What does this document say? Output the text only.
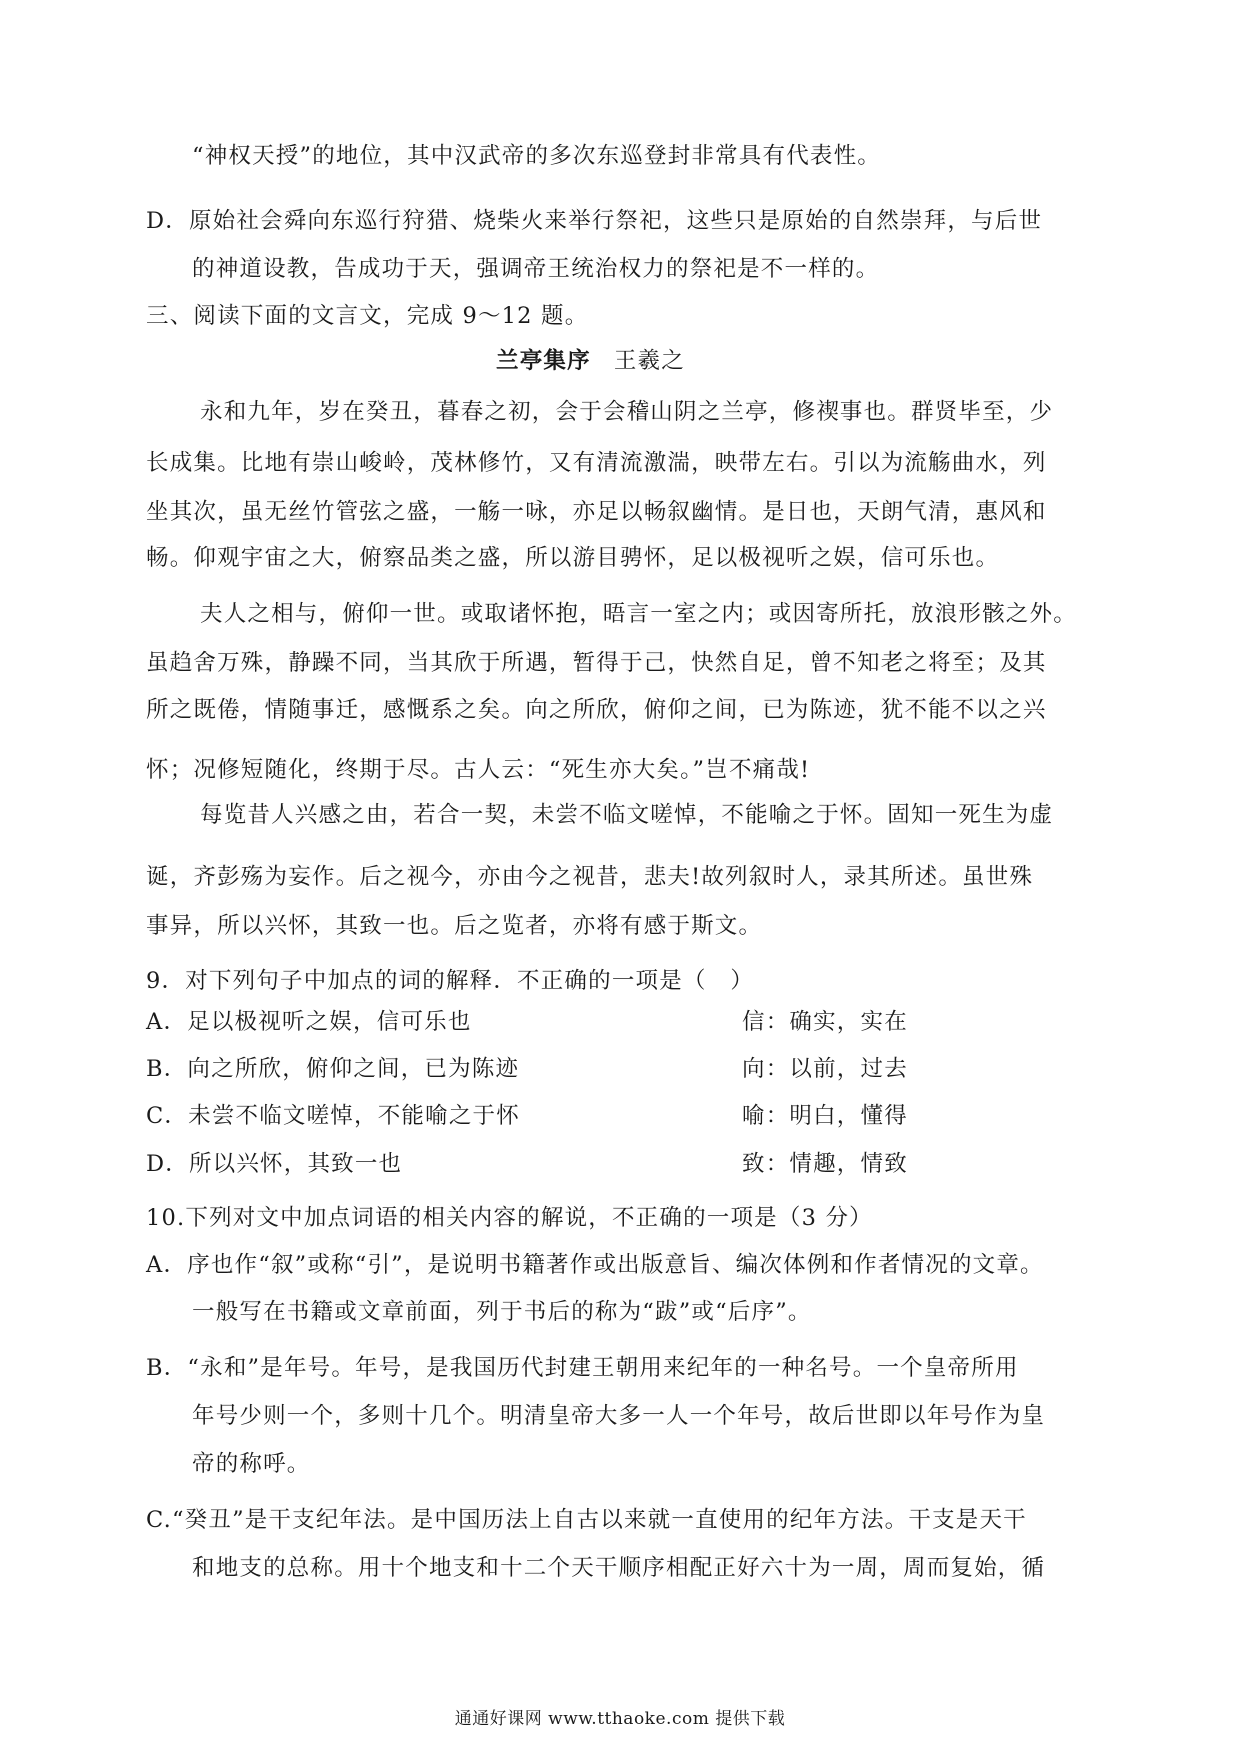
“神权天授”的地位，其中汉武帝的多次东巡登封非常具有代表性。
D．原始社会舜向东巡行狩猎、烧柴火来举行祭祀，这些只是原始的自然崇拜，与后世
的神道设教，告成功于天，强调帝王统治权力的祭祀是不一样的。
三、阅读下面的文言文，完成 9～12 题。
兰亭集序 王羲之
永和九年，岁在癸丑，暮春之初，会于会稽山阴之兰亭，修禊事也。群贤毕至，少
长成集。比地有崇山峻岭，茂林修竹，又有清流激湍，映带左右。引以为流觞曲水，列
坐其次，虽无丝竹管弦之盛，一觞一咏，亦足以畅叙幽情。是日也，天朗气清，惠风和
畅。仰观宇宙之大，俯察品类之盛，所以游目骋怀，足以极视听之娱，信可乐也。
夫人之相与，俯仰一世。或取诸怀抱，晤言一室之内；或因寄所托，放浪形骸之外。
虽趋舍万殊，静躁不同，当其欣于所遇，暂得于己，快然自足，曾不知老之将至；及其
所之既倦，情随事迁，感慨系之矣。向之所欣，俯仰之间，已为陈迹，犹不能不以之兴
怀；况修短随化，终期于尽。古人云：“死生亦大矣。”岂不痛哉!
每览昔人兴感之由，若合一契，未尝不临文嗟悼，不能喻之于怀。固知一死生为虚
诞，齐彭殇为妄作。后之视今，亦由今之视昔，悲夫!故列叙时人，录其所述。虽世殊
事异，所以兴怀，其致一也。后之览者，亦将有感于斯文。
9．对下列句子中加点的词的解释．不正确的一项是（　）
A．足以极视听之娱，信可乐也	信：确实，实在
B．向之所欣，俯仰之间，已为陈迹	向：以前，过去
C．未尝不临文嗟悼，不能喻之于怀	喻：明白，懂得
D．所以兴怀，其致一也	致：情趣，情致
10.下列对文中加点词语的相关内容的解说，不正确的一项是（3 分）
A．序也作“叙”或称“引”，是说明书籍著作或出版意旨、编次体例和作者情况的文章。
一般写在书籍或文章前面，列于书后的称为“跋”或“后序”。
B．“永和”是年号。年号，是我国历代封建王朝用来纪年的一种名号。一个皇帝所用
年号少则一个，多则十几个。明清皇帝大多一人一个年号，故后世即以年号作为皇
帝的称呼。
C.“癸丑”是干支纪年法。是中国历法上自古以来就一直使用的纪年方法。干支是天干
和地支的总称。用十个地支和十二个天干顺序相配正好六十为一周，周而复始，循
通通好课网 www.tthaoke.com 提供下载
